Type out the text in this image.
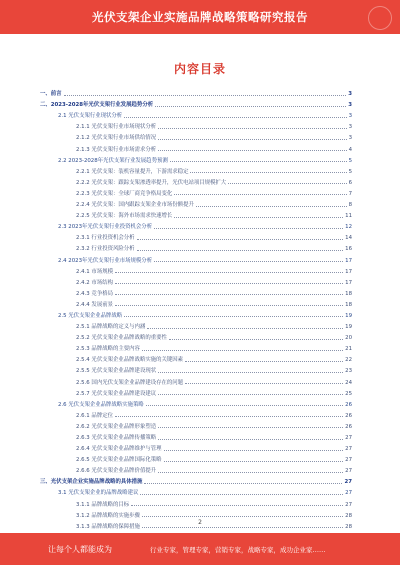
光伏支架企业实施品牌战略策略研究报告
内容目录
一、前言	3
二、2023-2028年光伏支架行业发展趋势分析	3
2.1 光伏支架行业现状分析	3
2.1.1 光伏支架行业市场现状分析	3
2.1.2 光伏支架行业市场供给情况	3
2.1.3 光伏支架行业市场需求分析	4
2.2 2023-2028年光伏支架行业发展趋势预测	5
2.2.1 光伏支架：装机容量提升，下游需求稳定	5
2.2.2 光伏支架：跟踪支架渗透率提升，光伏电站项目规模扩大	6
2.2.3 光伏支架：全球厂商竞争格局变化	7
2.2.4 光伏支架：国内跟踪支架企业市场份额提升	8
2.2.5 光伏支架：海外市场需求快速增长	11
2.3 2023年光伏支架行业投资机会分析	12
2.3.1 行业投资机会分析	14
2.3.2 行业投资风险分析	16
2.4 2023年光伏支架行业市场规模分析	17
2.4.1 市场规模	17
2.4.2 市场结构	17
2.4.3 竞争格局	18
2.4.4 发展前景	18
2.5 光伏支架企业品牌战略	19
2.5.1 品牌战略的定义与内涵	19
2.5.2 光伏支架企业品牌战略的重要性	20
2.5.3 品牌战略的主要内容	21
2.5.4 光伏支架企业品牌战略实施的关键因素	22
2.5.5 光伏支架企业品牌建设现状	23
2.5.6 国内光伏支架企业品牌建设存在的问题	24
2.5.7 光伏支架企业品牌建设建议	25
2.6 光伏支架企业品牌战略实施策略	26
2.6.1 品牌定位	26
2.6.2 光伏支架企业品牌形象塑造	26
2.6.3 光伏支架企业品牌传播策略	27
2.6.4 光伏支架企业品牌维护与管理	27
2.6.5 光伏支架企业品牌国际化策略	27
2.6.6 光伏支架企业品牌价值提升	27
三、光伏支架企业实施品牌战略的具体措施	27
3.1 光伏支架企业的品牌战略建议	27
3.1.1 品牌战略的目标	27
3.1.2 品牌战略的实施步骤	28
3.1.3 品牌战略的保障措施	28
2
让每个人都能成为	行业专家，管理专家，营销专家，战略专家，成功企业家……
